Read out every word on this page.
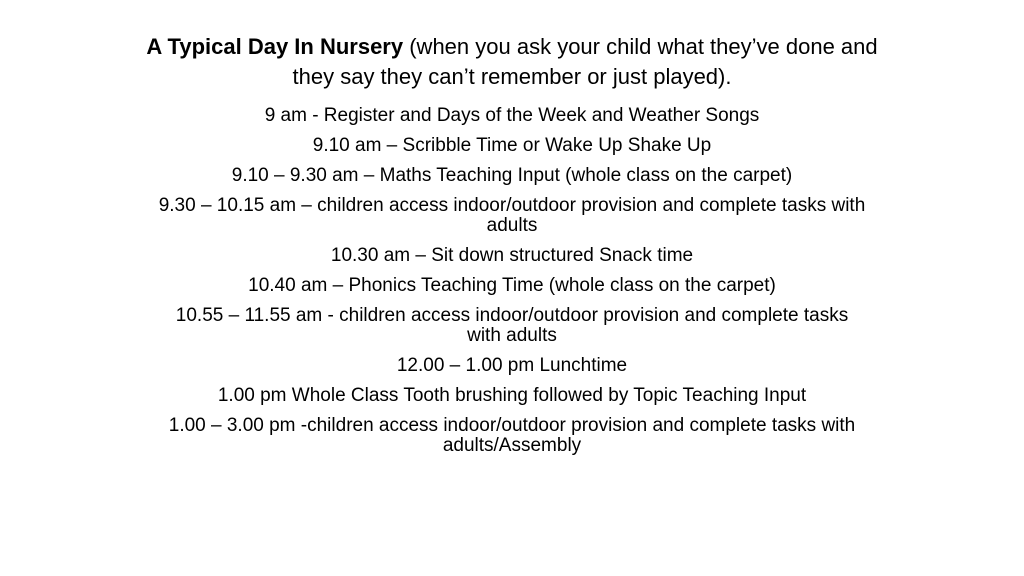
A Typical Day In Nursery (when you ask your child what they’ve done and they say they can’t remember or just played).
9 am - Register and Days of the Week and Weather Songs
9.10 am – Scribble Time or Wake Up Shake Up
9.10 – 9.30 am – Maths Teaching Input (whole class on the carpet)
9.30 – 10.15 am – children access indoor/outdoor provision and complete tasks with adults
10.30 am – Sit down structured Snack time
10.40 am – Phonics Teaching Time (whole class on the carpet)
10.55 – 11.55 am - children access indoor/outdoor provision and complete tasks with adults
12.00 – 1.00 pm Lunchtime
1.00 pm Whole Class Tooth brushing followed by Topic Teaching Input
1.00 – 3.00 pm -children access indoor/outdoor provision and complete tasks with adults/Assembly
